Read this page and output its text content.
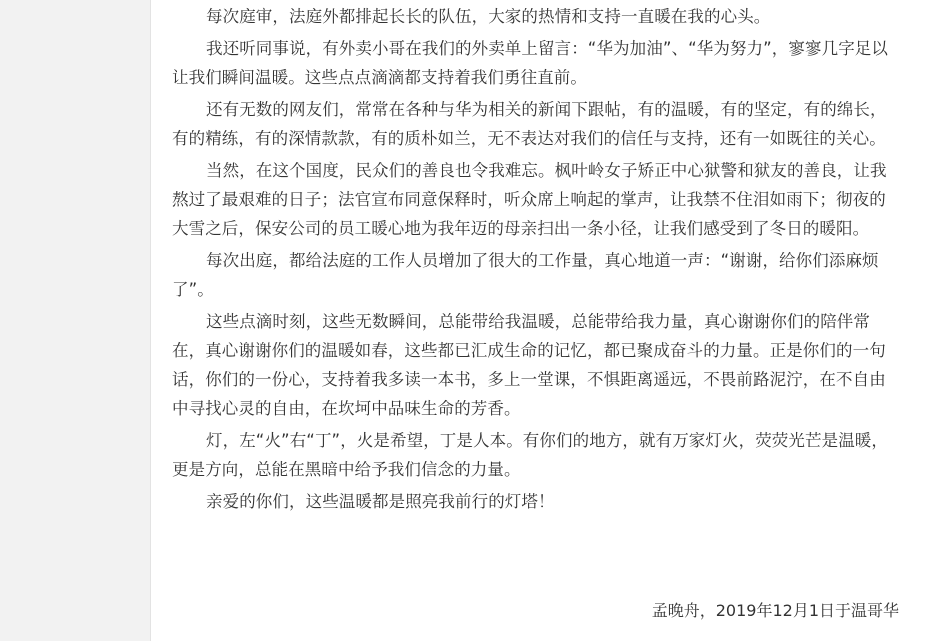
每次庭审，法庭外都排起长长的队伍，大家的热情和支持一直暖在我的心头。

我还听同事说，有外卖小哥在我们的外卖单上留言：“华为加油”、“华为努力”，寥寥几字足以让我们瞬间温暖。这些点点滴滴都支持着我们勇往直前。

还有无数的网友们，常常在各种与华为相关的新闻下跟帖，有的温暖，有的坚定，有的绵长，有的精练，有的深情款款，有的质朴如兰，无不表达对我们的信任与支持，还有一如既往的关心。

当然，在这个国度，民众们的善良也令我难忘。枫叶岭女子矫正中心狱警和狱友的善良，让我熬过了最艰难的日子；法官宣布同意保释时，听众席上响起的掌声，让我禁不住泪如雨下；彻夜的大雪之后，保安公司的员工暖心地为我年迈的母亲扫出一条小径，让我们感受到了冬日的暖阳。

每次出庭，都给法庭的工作人员增加了很大的工作量，真心地道一声：“谢谢，给你们添麻烦了”。

这些点滴时刻，这些无数瞬间，总能带给我温暖，总能带给我力量，真心谢谢你们的陪伴常在，真心谢谢你们的温暖如春，这些都已汇成生命的记忆，都已聚成奋斗的力量。正是你们的一句话，你们的一份心，支持着我多读一本书，多上一堂课，不惧距离遥远，不畏前路泥泞，在不自由中寻找心灵的自由，在坎坷中品味生命的芳香。

灯，左“火”右“丁”，火是希望，丁是人本。有你们的地方，就有万家灯火，荧荧光芒是温暖，更是方向，总能在黑暗中给予我们信念的力量。

亲爱的你们，这些温暖都是照亮我前行的灯塔！

孟晚舟，2019年12月1日于温哥华
